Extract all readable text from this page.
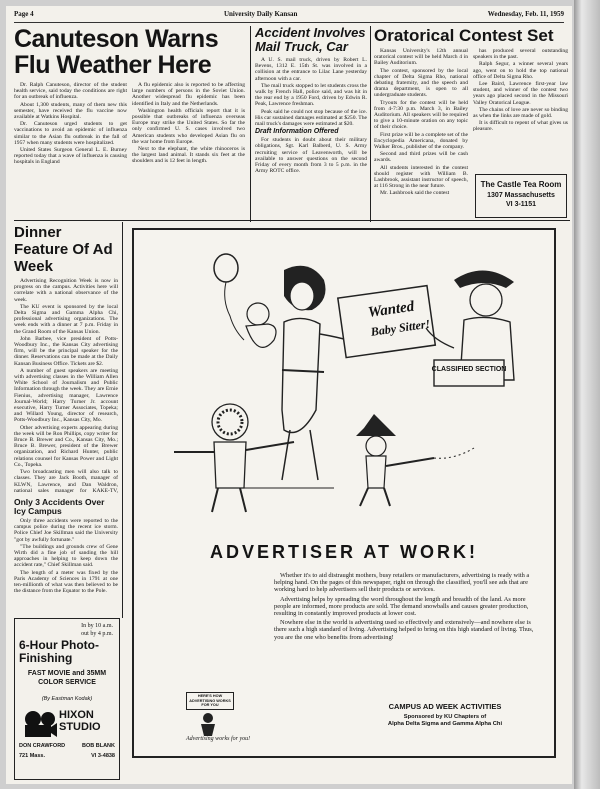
Page 4	University Daily Kansan	Wednesday, Feb. 11, 1959
Canuteson Warns Flu Weather Here

Dr. Ralph Canuteson, director of the student health service, said today the conditions are right for an outbreak of influenza.

About 1,300 students, many of them new this semester, have received the flu vaccine now available at Watkins Hospital.

Dr. Canuteson urged students to get vaccinations to avoid an epidemic of influenza similar to the Asian flu outbreak in the fall of 1957 when many students were hospitalized.

United States Surgeon General L. E. Burney reported today that a wave of influenza is causing hospitals in England

A flu epidemic also is reported to be affecting large numbers of persons in the Soviet Union. Another widespread flu epidemic has been identified in Italy and the Netherlands.

Washington health officials report that it is possible that outbreaks of influenza overseas Europe may strike the United States. So far the only confirmed U. S. cases involved two American students who developed Asian flu on the war home from Europe.

Next to the elephant, the white rhinoceros is the largest land animal. It stands six feet at the shoulders and is 12 feet in length.

Accident Involves Mail Truck, Car

A U. S. mail truck, driven by Robert L. Bevens, 1312 E. 15th St. was involved in a collision at the entrance to Lilac Lane yesterday afternoon with a car.

The mail truck stopped to let students cross the walk by French Hall, police said, and was hit in the rear end by a 1950 Ford, driven by Edwin R. Peak, Lawrence freshman.

Peak said he could not stop because of the ice. His car sustained damages estimated at $250. The mail truck's damages were estimated at $20.

Draft Information Offered

For students in doubt about their military obligations, Sgt. Karl Balberd, U. S. Army recruiting service of Leavenworth, will be available to answer questions on the second Friday of every month from 3 to 5 p.m. in the Army ROTC office.

Oratorical Contest Set

Kansas University's 12th annual oratorical contest will be held March 4 in Bailey Auditorium.

The contest, sponsored by the local chapter of Delta Sigma Rho, national debating fraternity, and the speech and drama department, is open to all undergraduate students.

Tryouts for the contest will be held from 4-7:30 p.m. March 3, in Bailey Auditorium. All speakers will be required to give a 10-minute oration on any topic of their choice.

First prize will be a complete set of the Encyclopedia Americana, donated by Walker Bros., publisher of the company.

Second and third prizes will be cash awards.

All students interested in the contest should register with William B. Lashbrook, assistant instructor of speech, at 116 Strong in the near future.

Mr. Lashbrook said the contest

has produced several outstanding speakers in the past.

Ralph Segur, a winner several years ago, went on to hold the top national office of Delta Sigma Rho.

Lee Baird, Lawrence first-year law student, and winner of the contest two years ago placed second in the Missouri Valley Oratorical League.

The chains of love are never so binding as when the links are made of gold.

It is difficult to repent of what gives us pleasure.

The Castle Tea Room
1307 Massachusetts
VI 3-1151
Dinner Feature Of Ad Week

Advertising Recognition Week is now in progress on the campus. Activities here will correlate with a national observance of the week.

The KU event is sponsored by the local Delta Sigma and Gamma Alpha Chi, professional advertising organizations. The week ends with a dinner at 7 p.m. Friday in the Grand Room of the Kansas Union.

John Barbee, vice president of Potts-Woodbury Inc., the Kansas City advertising firm, will be the principal speaker for the dinner. Reservations can be made at the Daily Kansan Business Office. Tickets are $2.

A number of guest speakers are meeting with advertising classes in the William Allen White School of Journalism and Public Information through the week. They are Ernie Fienius, advertising manager, Lawrence Journal-World; Harry Turner Jr. account executive, Harry Turner Associates, Topeka; and Willard Young, director of research, Potts-Woodbury Inc., Kansas City, Mo.

Other advertising experts appearing during the week will be Ron Phillips, copy writer for Bruce B. Brewer and Co., Kansas City, Mo.; Bruce B. Brewer, president of the Brewer organization, and Richard Hunter, public relations counsel for Kansas Power and Light Co., Topeka.

Two broadcasting men will also talk to classes. They are Jack Booth, manager of KLWN, Lawrence, and Dan Waldron, national sales manager for KAKE-TV,

Only 3 Accidents Over Icy Campus

Only three accidents were reported to the campus police during the recent ice storm. Police Chief Joe Skillman said the University "got by awfully fortunate."

"The buildings and grounds crew of Gene Wirth did a fine job of sanding the hill approaches in helping to keep down the accident rate," Chief Skillman said.

The length of a meter was fixed by the Paris Academy of Sciences in 1791 at one ten-millionth of what was then believed to be the distance from the Equator to the Pole.

In by 10 a.m.
out by 4 p.m.
6-Hour Photo-Finishing
FAST MOVIE and 35MM COLOR SERVICE
(By Eastman Kodak)
HIXON STUDIO
DON CRAWFORD	BOB BLANK
721 Mass.	VI 3-4838
Wanted
Baby Sitter!
CLASSIFIED SECTION
ADVERTISER AT WORK!

Whether it's to aid distraught mothers, busy retailers or manufacturers, advertising is ready with a helping hand. On the pages of this newspaper, right on through the classified, you'll see ads that are working hard to help advertisers sell their products or services.

Advertising helps by spreading the word throughout the length and breadth of the land. As more people are informed, more products are sold. The demand snowballs and causes greater production, resulting in constantly improved products at lower cost.

Nowhere else in the world is advertising used so effectively and extensively—and nowhere else is there such a high standard of living. Advertising helped to bring on this high standard of living. Thus, you are the one who benefits from advertising!

HERE'S HOW ADVERTISING WORKS FOR YOU
Advertising works for you!
CAMPUS AD WEEK ACTIVITIES
Sponsored by KU Chapters of
Alpha Delta Sigma and Gamma Alpha Chi
